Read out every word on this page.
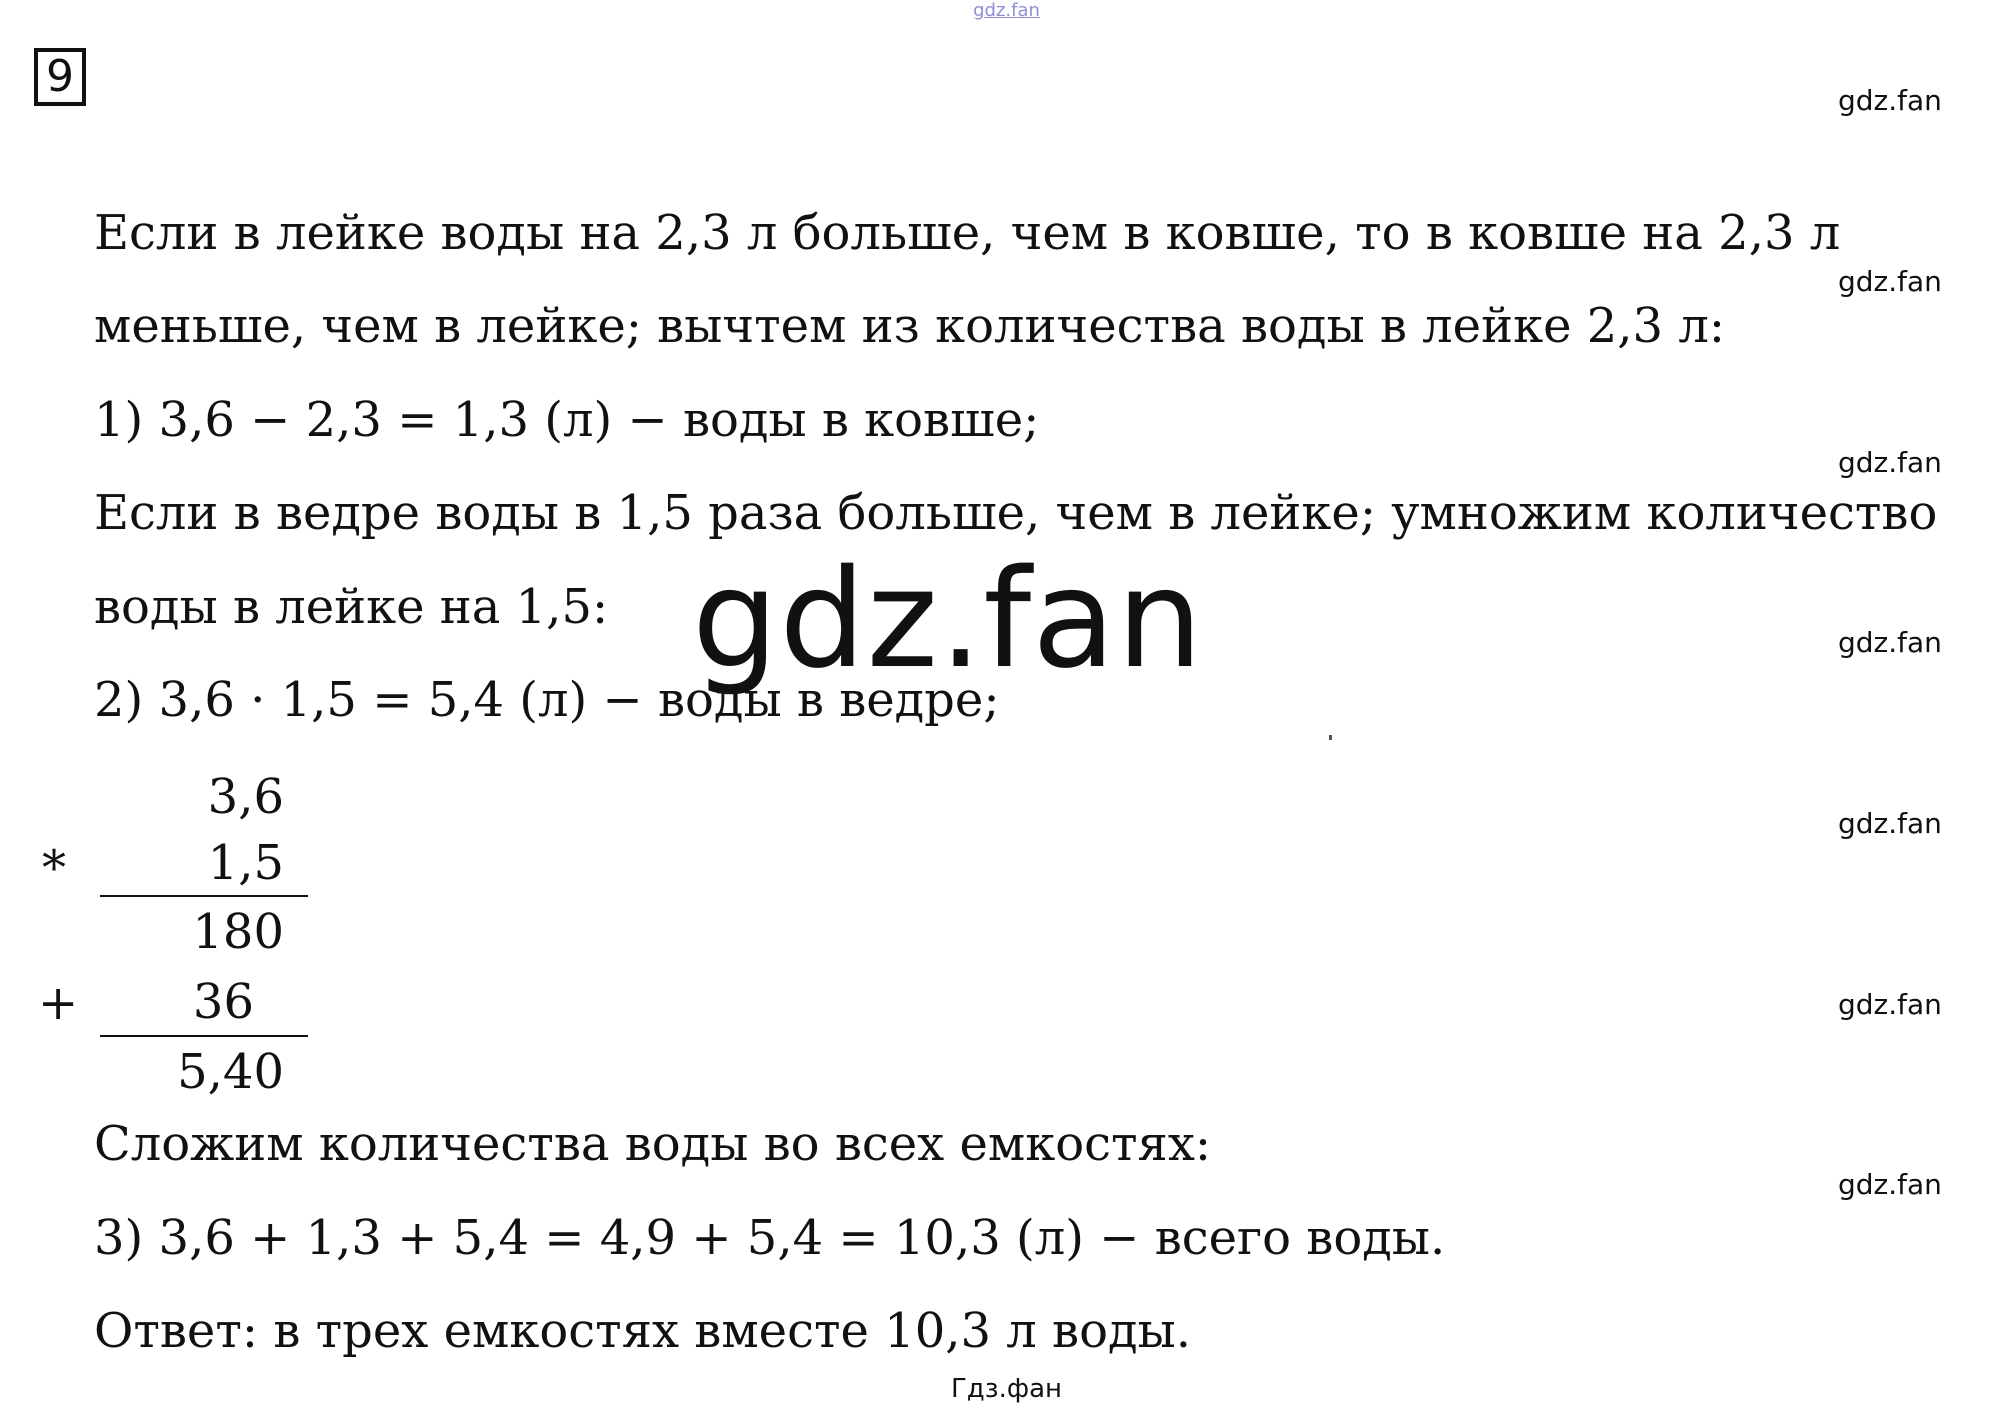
gdz.fan
9	gdz.fan
gdz.fan
gdz.fan
gdz.fan
gdz.fan
gdz.fan
gdz.fan
Если в лейке воды на 2,3 л больше, чем в ковше, то в ковше на 2,3 л
меньше, чем в лейке; вычтем из количества воды в лейке 2,3 л:
1) 3,6 − 2,3 = 1,3 (л) − воды в ковше;
Если в ведре воды в 1,5 раза больше, чем в лейке; умножим количество
воды в лейке на 1,5:
2) 3,6 · 1,5 = 5,4 (л) − воды в ведре;
gdz.fan
3,6
*	1,5
180
+	36
5,40
Сложим количества воды во всех емкостях:
3) 3,6 + 1,3 + 5,4 = 4,9 + 5,4 = 10,3 (л) − всего воды.
Ответ: в трех емкостях вместе 10,3 л воды.
Гдз.фан
